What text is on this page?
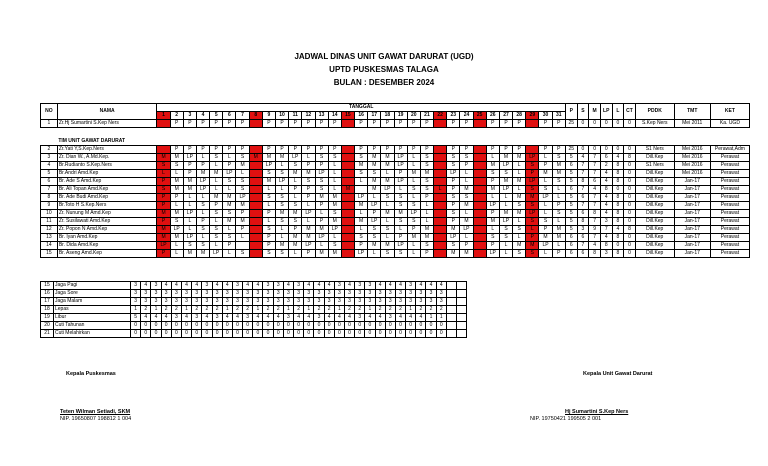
JADWAL DINAS UNIT GAWAT DARURAT (UGD)
UPTD PUSKESMAS TALAGA
BULAN : DESEMBER 2024
NO	NAMA	TANGGAL																															P	S	M	LP	L	CT	PDDK	TMT	KET
		1	2	3	4	5	6	7	8	9	10	11	12	13	14	15	16	17	18	19	20	21	22	23	24	25	26	27	28	29	30	31									
1	Zr.Hj Sumartini S.Kep Ners		P	P	P	P	P	P		P	P	P	P	P	P		P	P	P	P	P	P		P	P		P	P	P		P	P	25	0	0	0	0	0	S.Kep Ners	Mei 2011	Ka. UGD

	TIM UNIT GAWAT DARURAT																																								
2	Zr.Yati Y,S.Kep.Ners		P	P	P	P	P	P		P	P	P	P	P	P		P	P	P	P	P	P		P	P		P	P	P		P	P	25	0	0	0	0	0	S1 Ners	Mei 2016	Perawat,Adm
3	Zr. Dian W., A.Md.Kep.	M	M	LP	L	S	L	S	M	M	M	LP	L	S	S		S	M	M	LP	L	S		S	S		L	M	M	LP	L	S	5	4	7	6	4	8	Dill.Kep	Mei 2016	Perawat
4	Br.Rudianto S.Kep.Ners	S	S	P	P	L	P	M		LP	L	S	P	P	L		M	M	M	LP	L	S		S	P		M	LP	L	S	P	M	6	7	7	2	8	0	S1 Ners	Mei 2016	Perawat
5	Br.Andri Amd.Kep	L	L	P	M	M	LP	L		S	S	M	M	LP	L		S	S	L	P	M	M		LP	L		S	S	L	P	M	M	5	7	7	4	8	0	Dill.Kep	Mei 2016	Perawat
6	Br. Ade S Amd.Kep	P	M	M	LP	L	S	S		M	LP	L	S	S	L		L	M	M	LP	L	S		P	L		P	M	M	LP	L	S	5	8	6	4	8	0	Dill.Kep	Jan-17	Perawat
7	Br. Ali Topan Amd.Kep	S	M	M	LP	L	L	S		L	L	P	P	S	L	M		M	LP	L	S	S	L	P	M		M	LP	L	S	S	L	6	7	4	8	0	0	Dill.Kep	Jan-17	Perawat
8	Br. Ade Budi Amd.Kep	P	P	L	L	M	M	LP		S	S	L	P	M	M		LP	L	S	S	L	P		S	S		L	L	M	M	LP	L	5	6	7	4	8	0	Dill.Kep	Jan-17	Perawat
9	Br.Toto H S.Kep.Ners	P	L	L	S	P	M	M		L	S	S	L	P	M		M	LP	L	S	S	L		P	M		LP	L	S	S	L	P	5	7	7	4	8	0	Dill.Kep	Jan-17	Perawat
10	Zr. Nunung M Amd.Kep	M	M	LP	L	S	S	P		P	M	M	LP	L	S		L	P	M	M	LP	L		S	L		P	M	M	LP	L	S	5	6	8	4	8	0	Dill.Kep	Jan-17	Perawat
11	Zr. Susilawati Amd.Kep	P	S	L	P	L	M	M		L	S	S	L	P	M		M	LP	L	S	S	L		P	M		M	LP	L	S	S	L	5	8	7	3	8	0	Dill.Kep	Jan-17	Perawat
12	Zr. Popon N Amd.Kep	M	LP	L	S	S	L	P		S	L	P	M	M	LP		L	S	S	L	P	M		M	LP		L	S	S	L	P	M	5	3	9	7	4	8	Dill.Kep	Jan-17	Perawat
13	Br. Iyan Amd.Kep	M	M	LP	L	S	S	L		P	L	M	M	LP	L		S	S	L	P	M	M		LP	L		S	S	L	P	M	M	6	6	7	4	8	0	Dill.Kep	Jan-17	Perawat
14	Br. Dida Amd.Kep	LP	L	S	S	L	P			P	M	M	LP	L	S		P	M	M	LP	L	S		S	P		P	L	M	M	LP	L	6	7	4	8	0	0	Dill.Kep	Jan-17	Perawat
15	Br. Aseng Amd.Kep	P	L	M	M	LP	L	S		S	S	L	P	M	M		LP	L	S	S	L	P		M	M		LP	L	S	S	L	P	6	6	8	3	8	0	Dill.Kep	Jan-17	Perawat
15	Jaga Pagi	3	4	3	4	4	4	4	3	4	4	3	4	4	3	3	4	3	4	4	4	3	4	3	3	4	4	4	3	4	4	4		
16	Jaga Sore	3	3	3	3	3	3	3	3	3	3	3	3	3	3	3	3	3	3	3	3	3	3	3	3	3	3	3	3	3	3	3		
17	Jaga Malam	3	3	3	3	3	3	3	3	3	3	3	3	3	3	3	3	3	3	3	3	3	3	3	3	3	3	3	3	3	3	3		
18	Lepas	1	2	1	2	2	1	2	2	2	1	2	2	1	2	2	1	2	1	2	2	1	2	2	1	2	2	2	1	2	2	2		
19	Libur	5	4	4	4	3	4	3	4	3	4	4	3	4	4	4	3	4	4	3	4	4	4	3	4	4	3	4	4	4	1	1		
20	Cuti Tahunan	0	0	0	0	0	0	0	0	0	0	0	0	0	0	0	0	0	0	0	0	0	0	0	0	0	0	0	0	0	0	0		
21	Cuti Melahirkan	0	0	0	0	0	0	0	0	0	0	0	0	0	0	0	0	0	0	0	0	0	0	0	0	0	0	0	0	0	0	0		
Kepala Puskesmas
Teten Wilman Setiadi, SKM
NIP. 19650807 198812 1 004
Kepala Unit Gawat Darurat
Hj Sumartini S.Kep Ners
NIP. 19750421 199505 2 001
